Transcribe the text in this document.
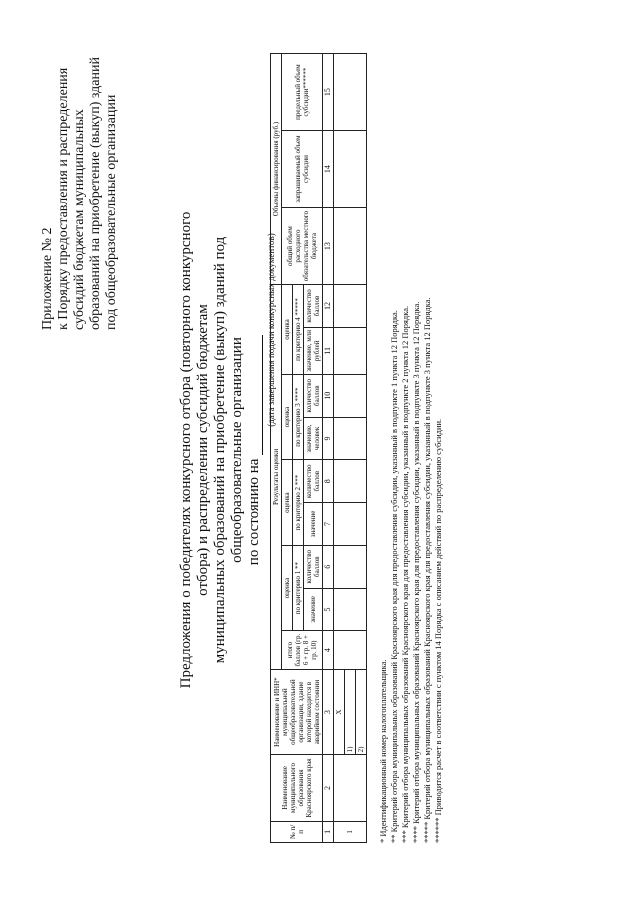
Приложение № 2 к Порядку предоставления и распределения субсидий бюджетам муниципальных образований на приобретение (выкуп) зданий под общеобразовательные организации	Предложения о победителях конкурсного отбора (повторного конкурсного отбора) и распределении субсидий бюджетам муниципальных образований на приобретение (выкуп) зданий под общеобразовательные организации по состоянию на
(дата завершения подачи конкурсных документов)
№ п/п	Наименование муниципального образования Красноярского края	Наименование и ИНН* муниципальной общеобразовательной организации, здание которой находится в аварийном состоянии	Результаты оценки									Объемы финансирования (руб.)		
			итого баллов (гр. 6 + гр. 8 + гр. 10)	оценка		оценка		оценка		оценка		общий объем расходного обязательства местного бюджета	запрашиваемый объем субсидии	предельный объем субсидии******
				по критерию 1 **		по критерию 2 ***		по критерию 3 ****		по критерию 4 *****				
				значение	количество баллов	значение	количество баллов	значение, человек	количество баллов	значение, млн рублей	количество баллов			
1	2	3	4	5	6	7	8	9	10	11	12	13	14	15
1		Х												
		1)												
		2)												* Идентификационный номер налогоплательщика. ** Критерий отбора муниципальных образований Красноярского края для предоставления субсидии, указанный в подпункте 1 пункта 12 Порядка. *** Критерий отбора муниципальных образований Красноярского края для предоставления субсидии, указанный в подпункте 2 пункта 12 Порядка. **** Критерий отбора муниципальных образований Красноярского края для предоставления субсидии, указанный в подпункте 3 пункта 12 Порядка. ***** Критерий отбора муниципальных образований Красноярского края для предоставления субсидии, указанный в подпункте 3 пункта 12 Порядка. ****** Приводится расчет в соответствии с пунктом 14 Порядка с описанием действий по распределению субсидии.
